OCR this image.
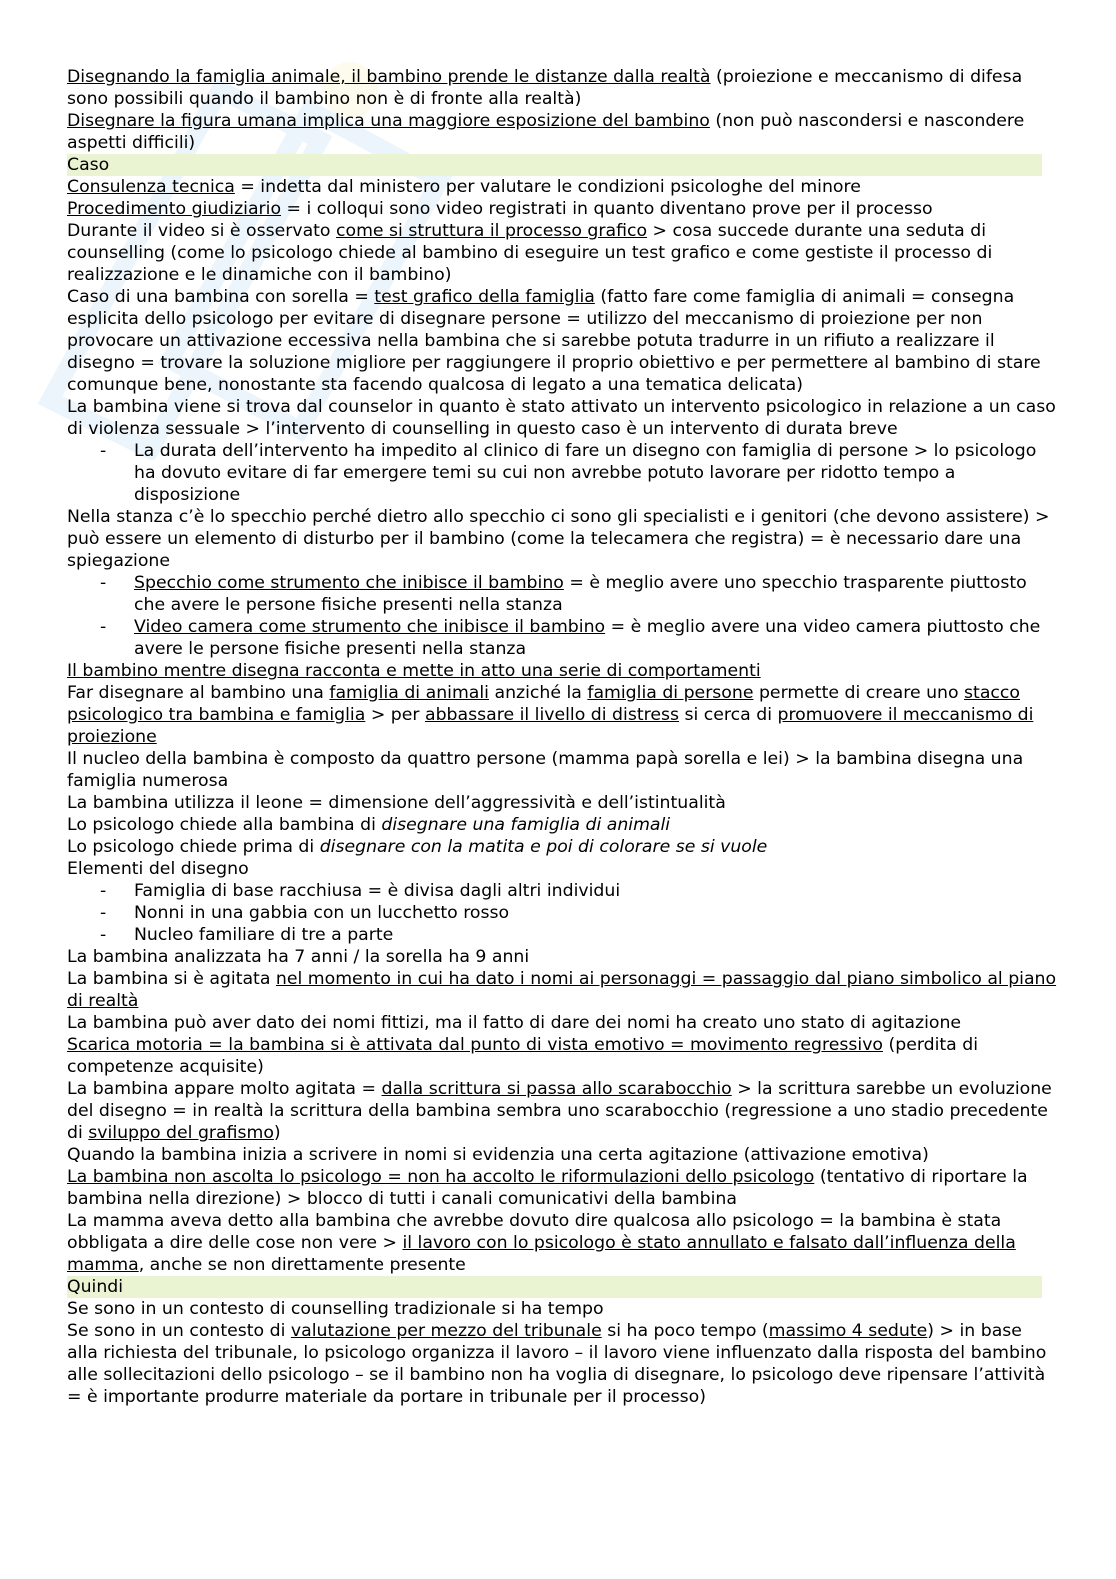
Disegnando la famiglia animale, il bambino prende le distanze dalla realtà (proiezione e meccanismo di difesa sono possibili quando il bambino non è di fronte alla realtà)

Disegnare la figura umana implica una maggiore esposizione del bambino (non può nascondersi e nascondere aspetti difficili)

Caso

Consulenza tecnica = indetta dal ministero per valutare le condizioni psicologhe del minore

Procedimento giudiziario = i colloqui sono video registrati in quanto diventano prove per il processo

Durante il video si è osservato come si struttura il processo grafico > cosa succede durante una seduta di counselling (come lo psicologo chiede al bambino di eseguire un test grafico e come gestiste il processo di realizzazione e le dinamiche con il bambino)

Caso di una bambina con sorella = test grafico della famiglia (fatto fare come famiglia di animali = consegna esplicita dello psicologo per evitare di disegnare persone = utilizzo del meccanismo di proiezione per non provocare un attivazione eccessiva nella bambina che si sarebbe potuta tradurre in un rifiuto a realizzare il disegno = trovare la soluzione migliore per raggiungere il proprio obiettivo e per permettere al bambino di stare comunque bene, nonostante sta facendo qualcosa di legato a una tematica delicata)

La bambina viene si trova dal counselor in quanto è stato attivato un intervento psicologico in relazione a un caso di violenza sessuale > l’intervento di counselling in questo caso è un intervento di durata breve

- La durata dell’intervento ha impedito al clinico di fare un disegno con famiglia di persone > lo psicologo ha dovuto evitare di far emergere temi su cui non avrebbe potuto lavorare per ridotto tempo a disposizione

Nella stanza c’è lo specchio perché dietro allo specchio ci sono gli specialisti e i genitori (che devono assistere) > può essere un elemento di disturbo per il bambino (come la telecamera che registra) = è necessario dare una spiegazione

- Specchio come strumento che inibisce il bambino = è meglio avere uno specchio trasparente piuttosto che avere le persone fisiche presenti nella stanza
- Video camera come strumento che inibisce il bambino = è meglio avere una video camera piuttosto che avere le persone fisiche presenti nella stanza

Il bambino mentre disegna racconta e mette in atto una serie di comportamenti

Far disegnare al bambino una famiglia di animali anziché la famiglia di persone permette di creare uno stacco psicologico tra bambina e famiglia > per abbassare il livello di distress si cerca di promuovere il meccanismo di proiezione

Il nucleo della bambina è composto da quattro persone (mamma papà sorella e lei) > la bambina disegna una famiglia numerosa

La bambina utilizza il leone = dimensione dell’aggressività e dell’istintualità

Lo psicologo chiede alla bambina di disegnare una famiglia di animali

Lo psicologo chiede prima di disegnare con la matita e poi di colorare se si vuole

Elementi del disegno

- Famiglia di base racchiusa = è divisa dagli altri individui
- Nonni in una gabbia con un lucchetto rosso
- Nucleo familiare di tre a parte

La bambina analizzata ha 7 anni / la sorella ha 9 anni

La bambina si è agitata nel momento in cui ha dato i nomi ai personaggi = passaggio dal piano simbolico al piano di realtà

La bambina può aver dato dei nomi fittizi, ma il fatto di dare dei nomi ha creato uno stato di agitazione

Scarica motoria = la bambina si è attivata dal punto di vista emotivo = movimento regressivo (perdita di competenze acquisite)

La bambina appare molto agitata = dalla scrittura si passa allo scarabocchio > la scrittura sarebbe un evoluzione del disegno = in realtà la scrittura della bambina sembra uno scarabocchio (regressione a uno stadio precedente di sviluppo del grafismo)

Quando la bambina inizia a scrivere in nomi si evidenzia una certa agitazione (attivazione emotiva)

La bambina non ascolta lo psicologo = non ha accolto le riformulazioni dello psicologo (tentativo di riportare la bambina nella direzione) > blocco di tutti i canali comunicativi della bambina

La mamma aveva detto alla bambina che avrebbe dovuto dire qualcosa allo psicologo = la bambina è stata obbligata a dire delle cose non vere > il lavoro con lo psicologo è stato annullato e falsato dall’influenza della mamma, anche se non direttamente presente

Quindi

Se sono in un contesto di counselling tradizionale si ha tempo

Se sono in un contesto di valutazione per mezzo del tribunale si ha poco tempo (massimo 4 sedute) > in base alla richiesta del tribunale, lo psicologo organizza il lavoro – il lavoro viene influenzato dalla risposta del bambino alle sollecitazioni dello psicologo – se il bambino non ha voglia di disegnare, lo psicologo deve ripensare l’attività = è importante produrre materiale da portare in tribunale per il processo)
